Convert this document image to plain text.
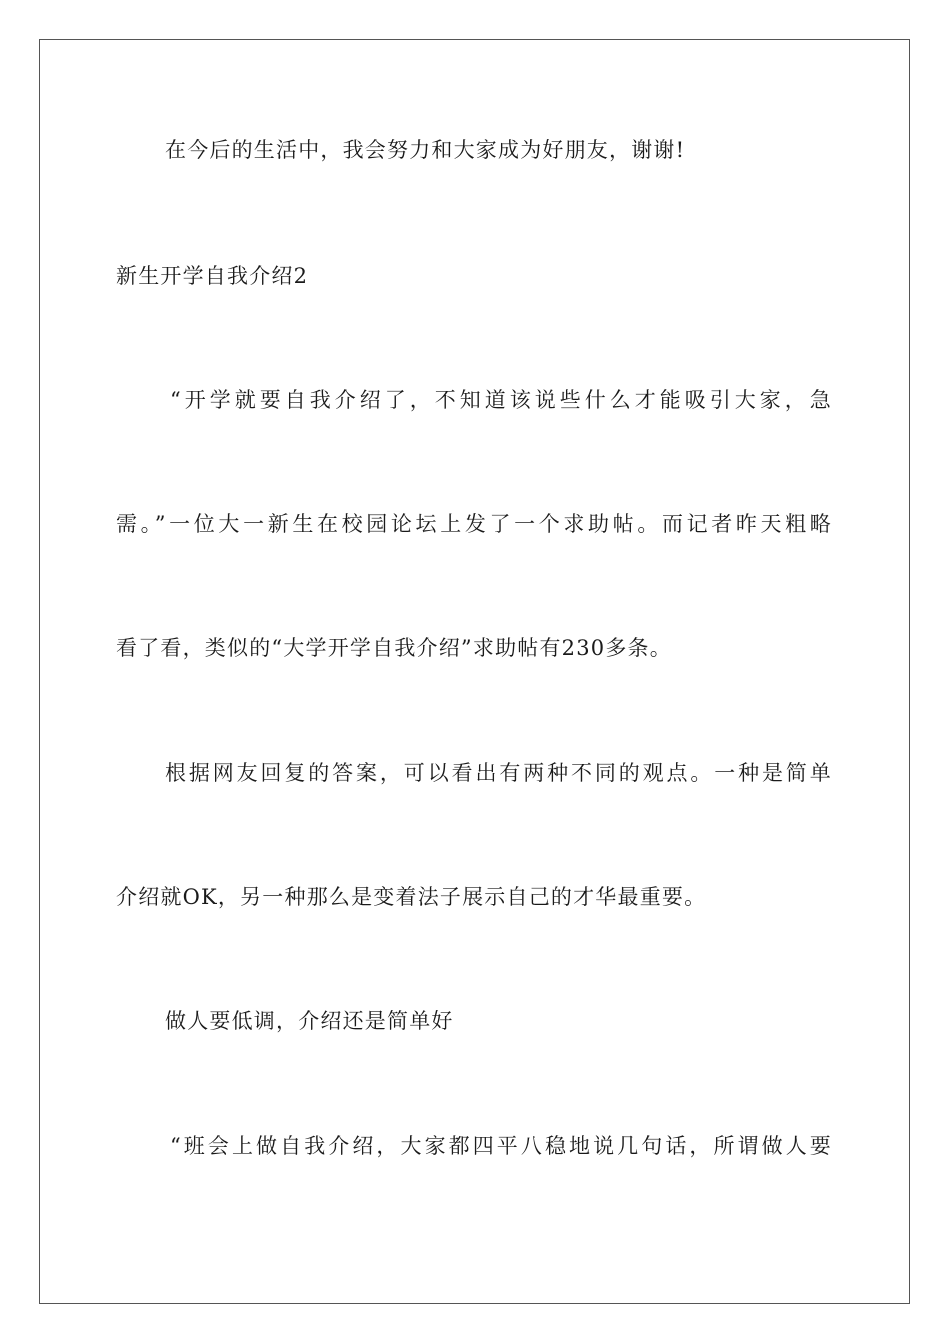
在今后的生活中，我会努力和大家成为好朋友，谢谢!
新生开学自我介绍2
“开学就要自我介绍了，不知道该说些什么才能吸引大家，急
需。”一位大一新生在校园论坛上发了一个求助帖。而记者昨天粗略
看了看，类似的“大学开学自我介绍”求助帖有230多条。
根据网友回复的答案，可以看出有两种不同的观点。一种是简单
介绍就OK，另一种那么是变着法子展示自己的才华最重要。
做人要低调，介绍还是简单好
“班会上做自我介绍，大家都四平八稳地说几句话，所谓做人要
